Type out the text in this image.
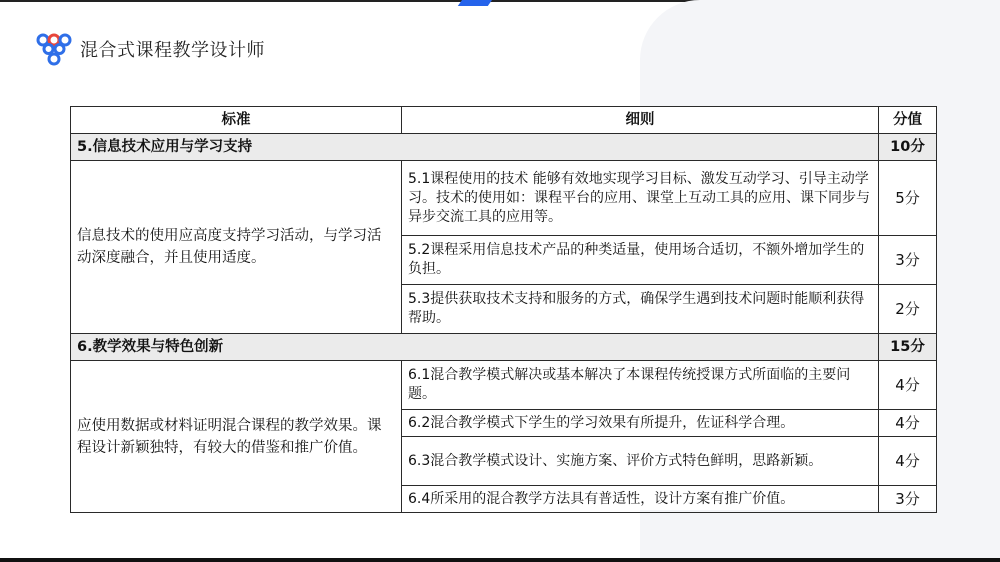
混合式课程教学设计师
标准	细则	分值
5.信息技术应用与学习支持		10分
信息技术的使用应高度支持学习活动，与学习活动深度融合，并且使用适度。	5.1课程使用的技术 能够有效地实现学习目标、激发互动学习、引导主动学习。技术的使用如：课程平台的应用、课堂上互动工具的应用、课下同步与异步交流工具的应用等。	5分
	5.2课程采用信息技术产品的种类适量，使用场合适切，不额外增加学生的负担。	3分
	5.3提供获取技术支持和服务的方式，确保学生遇到技术问题时能顺利获得帮助。	2分
6.教学效果与特色创新		15分
应使用数据或材料证明混合课程的教学效果。课程设计新颖独特，有较大的借鉴和推广价值。	6.1混合教学模式解决或基本解决了本课程传统授课方式所面临的主要问题。	4分
	6.2混合教学模式下学生的学习效果有所提升，佐证科学合理。	4分
	6.3混合教学模式设计、实施方案、评价方式特色鲜明，思路新颖。	4分
	6.4所采用的混合教学方法具有普适性，设计方案有推广价值。	3分
